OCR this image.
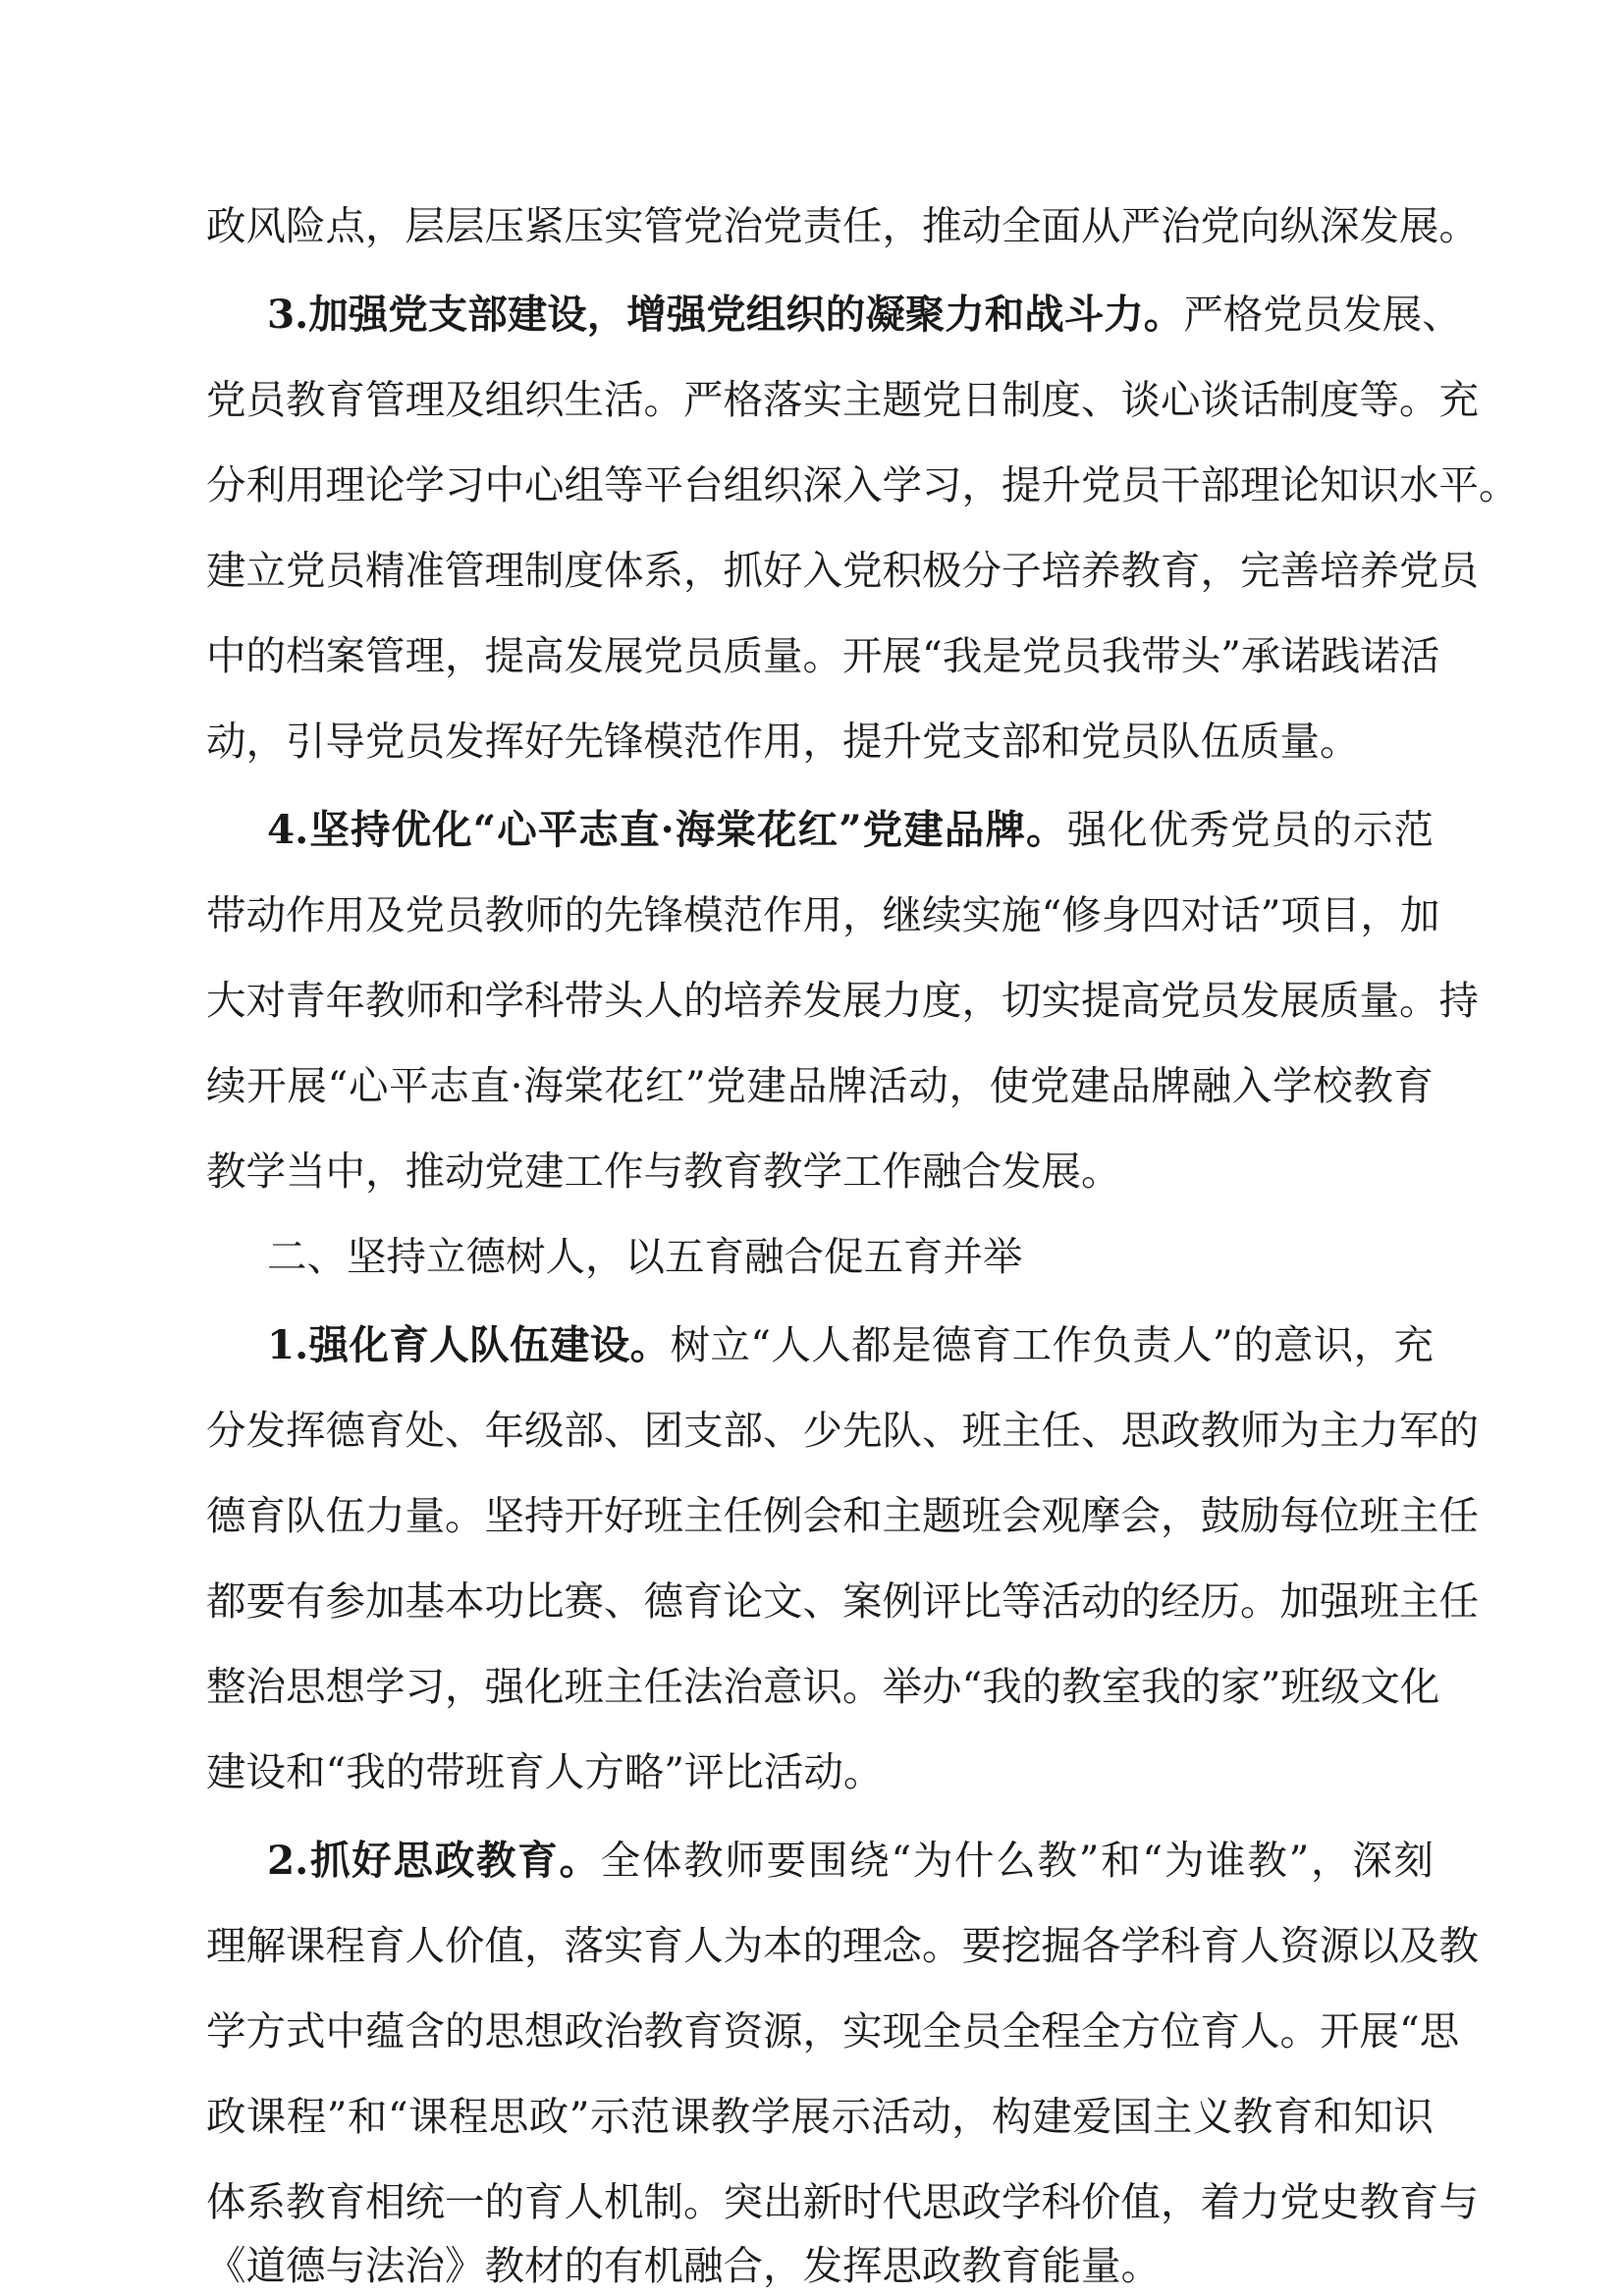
政风险点，层层压紧压实管党治党责任，推动全面从严治党向纵深发展。

3.加强党支部建设，增强党组织的凝聚力和战斗力。严格党员发展、

党员教育管理及组织生活。严格落实主题党日制度、谈心谈话制度等。充

分利用理论学习中心组等平台组织深入学习，提升党员干部理论知识水平。

建立党员精准管理制度体系，抓好入党积极分子培养教育，完善培养党员

中的档案管理，提高发展党员质量。开展“我是党员我带头”承诺践诺活

动，引导党员发挥好先锋模范作用，提升党支部和党员队伍质量。

4.坚持优化“心平志直·海棠花红”党建品牌。强化优秀党员的示范

带动作用及党员教师的先锋模范作用，继续实施“修身四对话”项目，加

大对青年教师和学科带头人的培养发展力度，切实提高党员发展质量。持

续开展“心平志直·海棠花红”党建品牌活动，使党建品牌融入学校教育

教学当中，推动党建工作与教育教学工作融合发展。

二、坚持立德树人，以五育融合促五育并举

1.强化育人队伍建设。树立“人人都是德育工作负责人”的意识，充

分发挥德育处、年级部、团支部、少先队、班主任、思政教师为主力军的

德育队伍力量。坚持开好班主任例会和主题班会观摩会，鼓励每位班主任

都要有参加基本功比赛、德育论文、案例评比等活动的经历。加强班主任

整治思想学习，强化班主任法治意识。举办“我的教室我的家”班级文化

建设和“我的带班育人方略”评比活动。

2.抓好思政教育。全体教师要围绕“为什么教”和“为谁教”，深刻

理解课程育人价值，落实育人为本的理念。要挖掘各学科育人资源以及教

学方式中蕴含的思想政治教育资源，实现全员全程全方位育人。开展“思

政课程”和“课程思政”示范课教学展示活动，构建爱国主义教育和知识

体系教育相统一的育人机制。突出新时代思政学科价值，着力党史教育与

《道德与法治》教材的有机融合，发挥思政教育能量。
